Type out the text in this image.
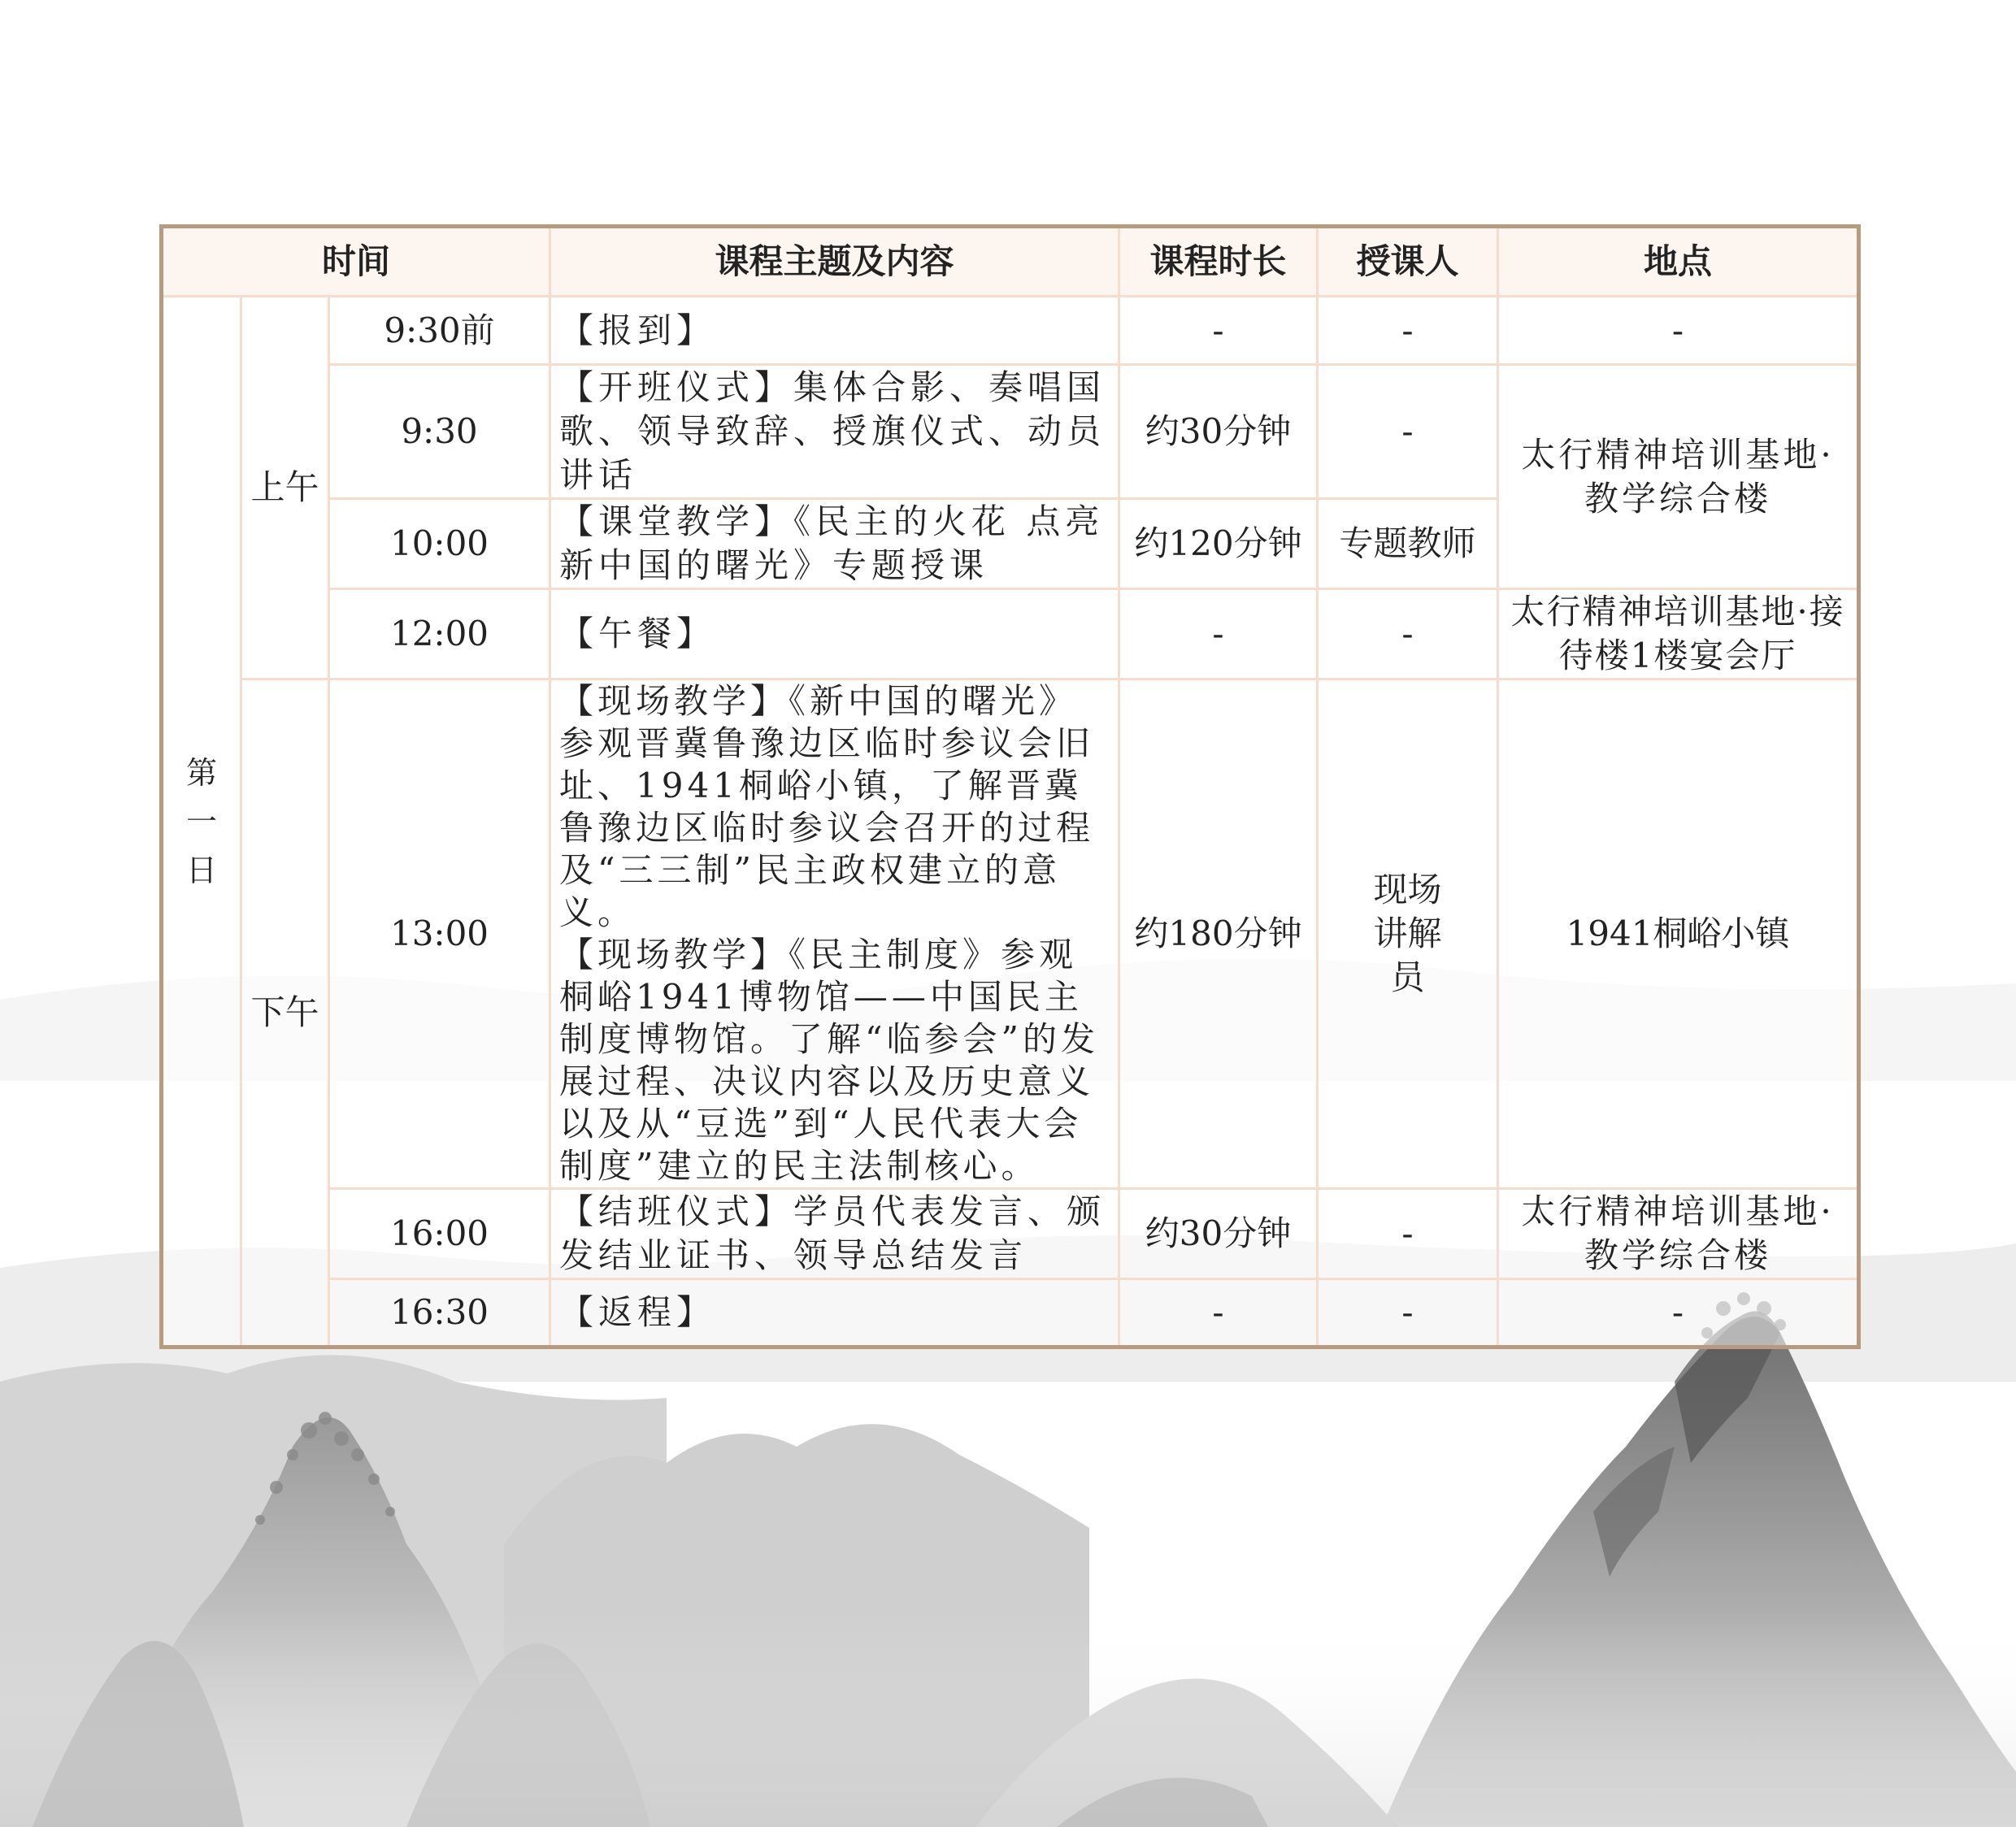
时间			课程主题及内容	课程时长	授课人	地点
第一日	上午	9:30前	【报到】	-	-	-
		9:30	【开班仪式】集体合影、奏唱国歌、领导致辞、授旗仪式、动员讲话	约30分钟	-	太行精神培训基地·教学综合楼
		10:00	【课堂教学】《民主的火花 点亮新中国的曙光》专题授课	约120分钟	专题教师	
		12:00	【午餐】	-	-	太行精神培训基地·接待楼1楼宴会厅
	下午	13:00	【现场教学】《新中国的曙光》参观晋冀鲁豫边区临时参议会旧址、1941桐峪小镇，了解晋冀鲁豫边区临时参议会召开的过程及“三三制”民主政权建立的意义。
【现场教学】《民主制度》参观桐峪1941博物馆——中国民主制度博物馆。了解“临参会”的发展过程、决议内容以及历史意义以及从“豆选”到“人民代表大会制度”建立的民主法制核心。	约180分钟	现场讲解员	1941桐峪小镇
		16:00	【结班仪式】学员代表发言、颁发结业证书、领导总结发言	约30分钟	-	太行精神培训基地·教学综合楼
		16:30	【返程】	-	-	-
